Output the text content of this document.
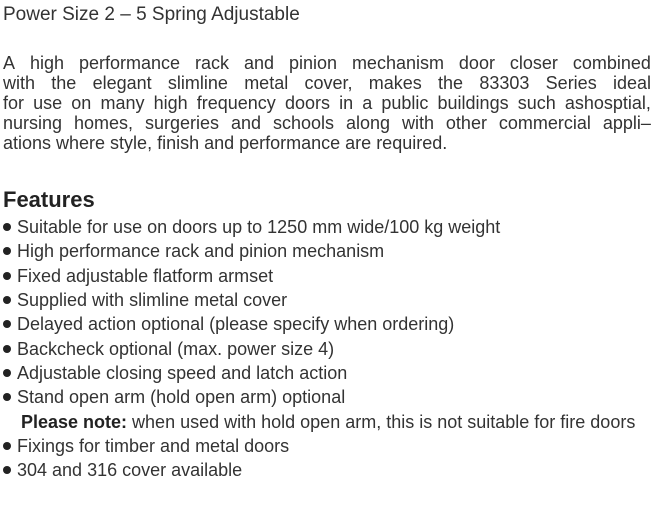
Power Size 2 – 5 Spring Adjustable
A high performance rack and pinion mechanism door closer combined
with the elegant slimline metal cover, makes the 83303 Series ideal
for use on many high frequency doors in a public buildings such ashosptial,
nursing homes, surgeries and schools along with other commercial appli–
ations where style, finish and performance are required.
Features
Suitable for use on doors up to 1250 mm wide/100 kg weight
High performance rack and pinion mechanism
Fixed adjustable flatform armset
Supplied with slimline metal cover
Delayed action optional (please specify when ordering)
Backcheck optional (max. power size 4)
Adjustable closing speed and latch action
Stand open arm (hold open arm) optional
Please note: when used with hold open arm, this is not suitable for fire doors
Fixings for timber and metal doors
304 and 316 cover available
